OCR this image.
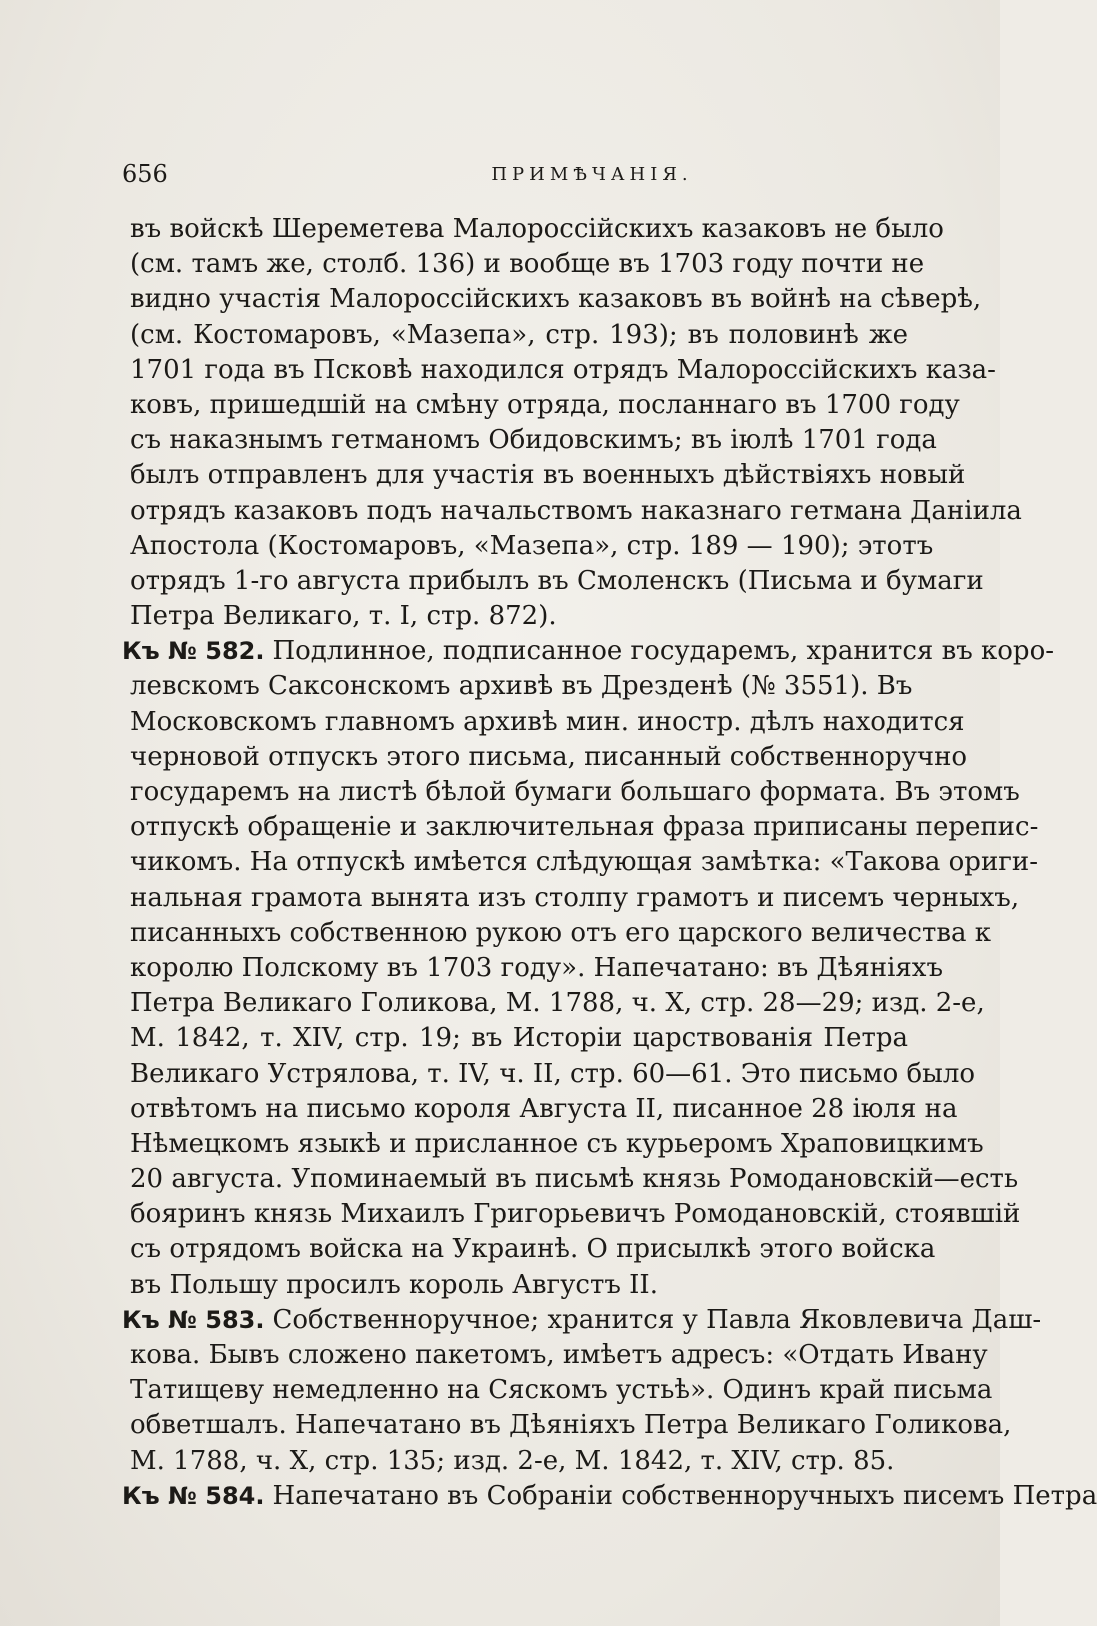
656	ПРИМѢЧАНІЯ.
въ войскѣ Шереметева Малороссійскихъ казаковъ не было
(см. тамъ же, столб. 136) и вообще въ 1703 году почти не
видно участія Малороссійскихъ казаковъ въ войнѣ на сѣверѣ,
(см. Костомаровъ, «Мазепа», стр. 193); въ половинѣ же
1701 года въ Псковѣ находился отрядъ Малороссійскихъ каза-
ковъ, пришедшій на смѣну отряда, посланнаго въ 1700 году
съ наказнымъ гетманомъ Обидовскимъ; въ іюлѣ 1701 года
былъ отправленъ для участія въ военныхъ дѣйствіяхъ новый
отрядъ казаковъ подъ начальствомъ наказнаго гетмана Даніила
Апостола (Костомаровъ, «Мазепа», стр. 189 — 190); этотъ
отрядъ 1-го августа прибылъ въ Смоленскъ (Письма и бумаги
Петра Великаго, т. I, стр. 872).
Къ № 582. Подлинное, подписанное государемъ, хранится въ коро-
левскомъ Саксонскомъ архивѣ въ Дрезденѣ (№ 3551). Въ
Московскомъ главномъ архивѣ мин. иностр. дѣлъ находится
черновой отпускъ этого письма, писанный собственноручно
государемъ на листѣ бѣлой бумаги большаго формата. Въ этомъ
отпускѣ обращеніе и заключительная фраза приписаны перепис-
чикомъ. На отпускѣ имѣется слѣдующая замѣтка: «Такова ориги-
нальная грамота вынята изъ столпу грамотъ и писемъ черныхъ,
писанныхъ собственною рукою отъ его царского величества к
королю Полскому въ 1703 году». Напечатано: въ Дѣяніяхъ
Петра Великаго Голикова, М. 1788, ч. X, стр. 28—29; изд. 2-е,
М. 1842, т. XIV, стр. 19; въ Исторіи царствованія Петра
Великаго Устрялова, т. IV, ч. II, стр. 60—61. Это письмо было
отвѣтомъ на письмо короля Августа II, писанное 28 іюля на
Нѣмецкомъ языкѣ и присланное съ курьеромъ Храповицкимъ
20 августа. Упоминаемый въ письмѣ князь Ромодановскій—есть
бояринъ князь Михаилъ Григорьевичъ Ромодановскій, стоявшій
съ отрядомъ войска на Украинѣ. О присылкѣ этого войска
въ Польшу просилъ король Августъ II.
Къ № 583. Собственноручное; хранится у Павла Яковлевича Даш-
кова. Бывъ сложено пакетомъ, имѣетъ адресъ: «Отдать Ивану
Татищеву немедленно на Сяскомъ устьѣ». Одинъ край письма
обветшалъ. Напечатано въ Дѣяніяхъ Петра Великаго Голикова,
М. 1788, ч. X, стр. 135; изд. 2-е, М. 1842, т. XIV, стр. 85.
Къ № 584. Напечатано въ Собраніи собственноручныхъ писемъ Петра
